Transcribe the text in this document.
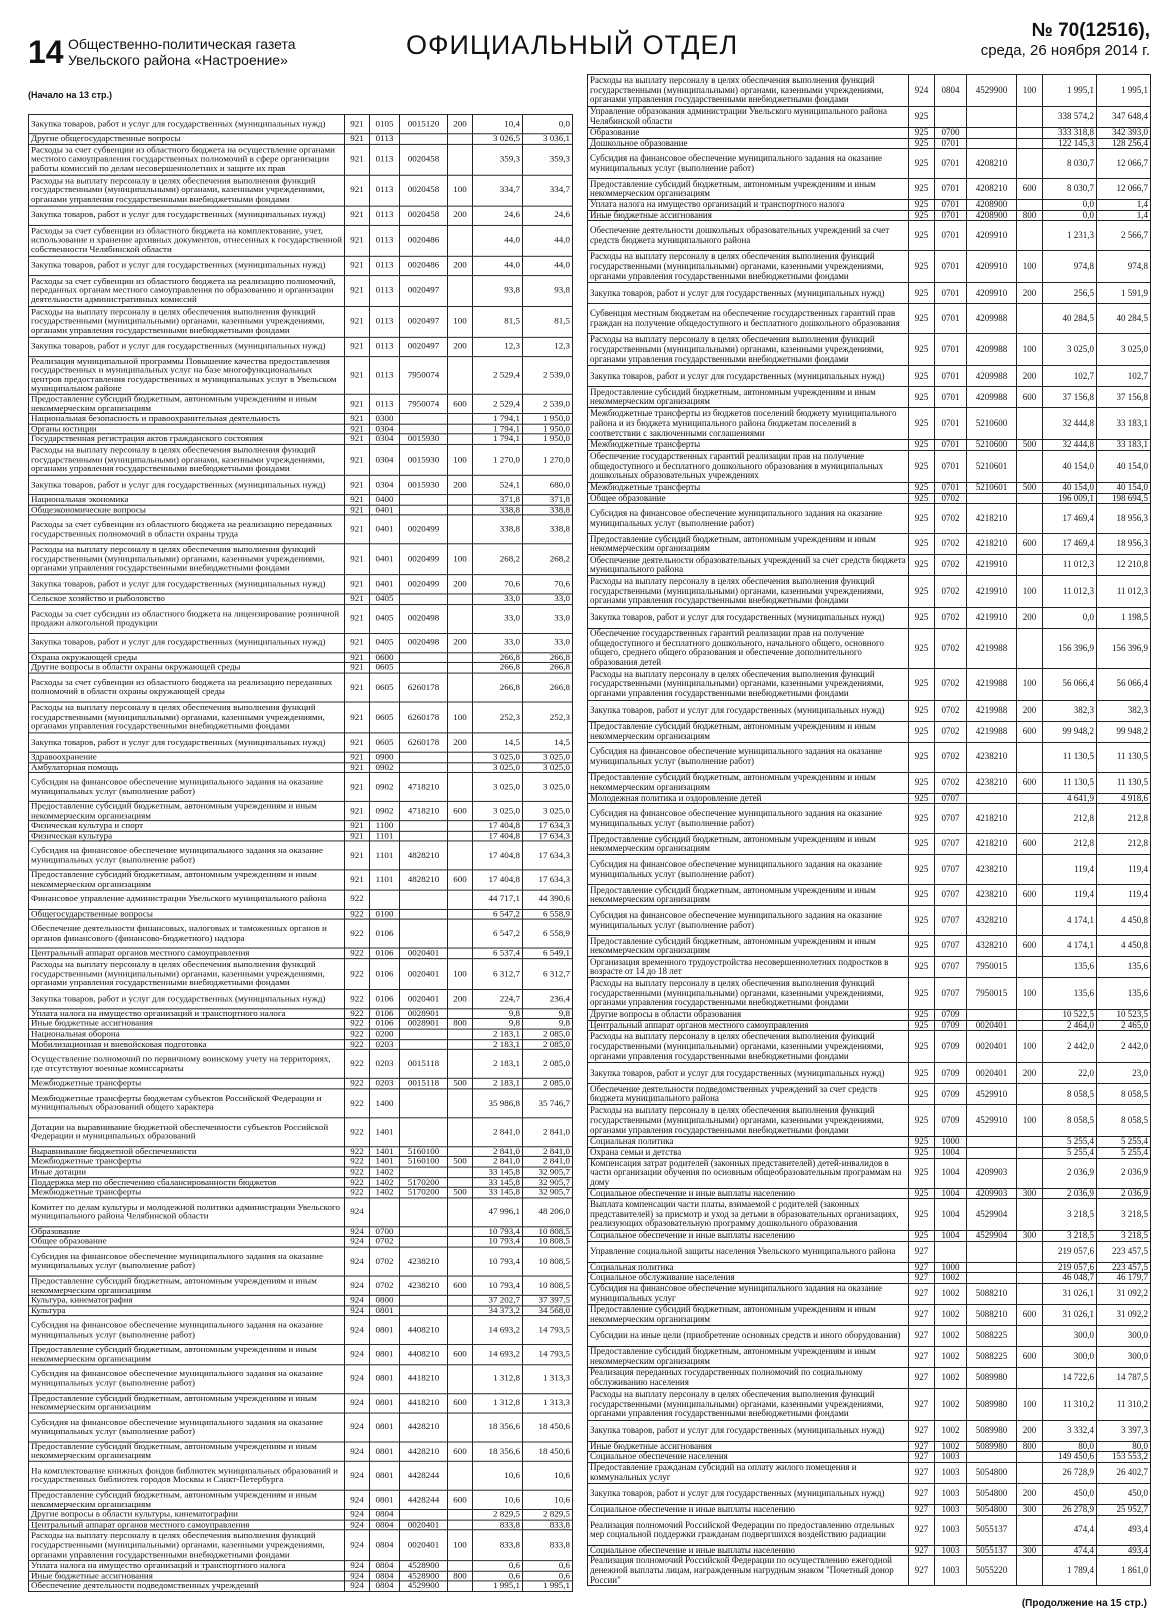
14 Общественно-политическая газета
Увельского района «Настроение»	ОФИЦИАЛЬНЫЙ ОТДЕЛ	№ 70(12516),
среда, 26 ноября 2014 г.
(Начало на 13 стр.)
Закупка товаров, работ и услуг для государственных (муниципальных нужд)	921	0105	0015120	200	10,4	0,0
Другие общегосударственные вопросы	921	0113			3 026,5	3 036,1
Расходы за счет субвенции из областного бюджета на осуществление органами местного самоуправления государственных полномочий в сфере организации работы комиссий по делам несовершеннолетних и защите их прав	921	0113	0020458		359,3	359,3
Расходы на выплату персоналу в целях обеспечения выполнения функций государственными (муниципальными) органами, казенными учреждениями, органами управления государственными внебюджетными фондами	921	0113	0020458	100	334,7	334,7
Закупка товаров, работ и услуг для государственных (муниципальных нужд)	921	0113	0020458	200	24,6	24,6
Расходы за счет субвенции из областного бюджета на комплектование, учет, использование и хранение архивных документов, отнесенных к государственной собственности Челябинской области	921	0113	0020486		44,0	44,0
Закупка товаров, работ и услуг для государственных (муниципальных нужд)	921	0113	0020486	200	44,0	44,0
Расходы за счет субвенции из областного бюджета на реализацию полномочий, переданных органам местного самоуправления по образованию и организации деятельности административных комиссий	921	0113	0020497		93,8	93,8
Расходы на выплату персоналу в целях обеспечения выполнения функций государственными (муниципальными) органами, казенными учреждениями, органами управления государственными внебюджетными фондами	921	0113	0020497	100	81,5	81,5
Закупка товаров, работ и услуг для государственных (муниципальных нужд)	921	0113	0020497	200	12,3	12,3
Реализация муниципальной программы Повышение качества предоставления государственных и муниципальных услуг на базе многофункциональных центров предоставления государственных и муниципальных услуг в Увельском муниципальном районе	921	0113	7950074		2 529,4	2 539,0
Предоставление субсидий бюджетным, автономным учреждениям и иным некоммерческим организациям	921	0113	7950074	600	2 529,4	2 539,0
Национальная безопасность и правоохранительная деятельность	921	0300			1 794,1	1 950,0
Органы юстиции	921	0304			1 794,1	1 950,0
Государственная регистрация актов гражданского состояния	921	0304	0015930		1 794,1	1 950,0
Расходы на выплату персоналу в целях обеспечения выполнения функций государственными (муниципальными) органами, казенными учреждениями, органами управления государственными внебюджетными фондами	921	0304	0015930	100	1 270,0	1 270,0
Закупка товаров, работ и услуг для государственных (муниципальных нужд)	921	0304	0015930	200	524,1	680,0
Национальная экономика	921	0400			371,8	371,8
Общеэкономические вопросы	921	0401			338,8	338,8
Расходы за счет субвенции из областного бюджета на реализацию переданных государственных полномочий в области охраны труда	921	0401	0020499		338,8	338,8
Расходы на выплату персоналу в целях обеспечения выполнения функций государственными (муниципальными) органами, казенными учреждениями, органами управления государственными внебюджетными фондами	921	0401	0020499	100	268,2	268,2
Закупка товаров, работ и услуг для государственных (муниципальных нужд)	921	0401	0020499	200	70,6	70,6
Сельское хозяйство и рыболовство	921	0405			33,0	33,0
Расходы за счет субсидии из областного бюджета на лицензирование розничной продажи алкогольной продукции	921	0405	0020498		33,0	33,0
Закупка товаров, работ и услуг для государственных (муниципальных нужд)	921	0405	0020498	200	33,0	33,0
Охрана окружающей среды	921	0600			266,8	266,8
Другие вопросы в области охраны окружающей среды	921	0605			266,8	266,8
Расходы за счет субвенции из областного бюджета на реализацию переданных полномочий в области охраны окружающей среды	921	0605	6260178		266,8	266,8
Расходы на выплату персоналу в целях обеспечения выполнения функций государственными (муниципальными) органами, казенными учреждениями, органами управления государственными внебюджетными фондами	921	0605	6260178	100	252,3	252,3
Закупка товаров, работ и услуг для государственных (муниципальных нужд)	921	0605	6260178	200	14,5	14,5
Здравоохранение	921	0900			3 025,0	3 025,0
Амбулаторная помощь	921	0902			3 025,0	3 025,0
Субсидия на финансовое обеспечение муниципального задания на оказание муниципальных услуг (выполнение работ)	921	0902	4718210		3 025,0	3 025,0
Предоставление субсидий бюджетным, автономным учреждениям и иным некоммерческим организациям	921	0902	4718210	600	3 025,0	3 025,0
Физическая культура и спорт	921	1100			17 404,8	17 634,3
Физическая культура	921	1101			17 404,8	17 634,3
Субсидия на финансовое обеспечение муниципального задания на оказание муниципальных услуг (выполнение работ)	921	1101	4828210		17 404,8	17 634,3
Предоставление субсидий бюджетным, автономным учреждениям и иным некоммерческим организациям	921	1101	4828210	600	17 404,8	17 634,3
Финансовое управление администрации Увельского муниципального района	922				44 717,1	44 390,6
Общегосударственные вопросы	922	0100			6 547,2	6 558,9
Обеспечение деятельности финансовых, налоговых и таможенных органов и органов финансового (финансово-бюджетного) надзора	922	0106			6 547,2	6 558,9
Центральный аппарат органов местного самоуправления	922	0106	0020401		6 537,4	6 549,1
Расходы на выплату персоналу в целях обеспечения выполнения функций государственными (муниципальными) органами, казенными учреждениями, органами управления государственными внебюджетными фондами	922	0106	0020401	100	6 312,7	6 312,7
Закупка товаров, работ и услуг для государственных (муниципальных нужд)	922	0106	0020401	200	224,7	236,4
Уплата налога на имущество организаций и транспортного налога	922	0106	0028901		9,8	9,8
Иные бюджетные ассигнования	922	0106	0028901	800	9,8	9,8
Национальная оборона	922	0200			2 183,1	2 085,0
Мобилизационная и вневойсковая подготовка	922	0203			2 183,1	2 085,0
Осуществление полномочий по первичному воинскому учету на территориях, где отсутствуют военные комиссариаты	922	0203	0015118		2 183,1	2 085,0
Межбюджетные трансферты	922	0203	0015118	500	2 183,1	2 085,0
Межбюджетные трансферты бюджетам субъектов Российской Федерации и муниципальных образований общего характера	922	1400			35 986,8	35 746,7
Дотации на выравнивание бюджетной обеспеченности субъектов Российской Федерации и муниципальных образований	922	1401			2 841,0	2 841,0
Выравнивание бюджетной обеспеченности	922	1401	5160100		2 841,0	2 841,0
Межбюджетные трансферты	922	1401	5160100	500	2 841,0	2 841,0
Иные дотации	922	1402			33 145,8	32 905,7
Поддержка мер по обеспечению сбалансированности бюджетов	922	1402	5170200		33 145,8	32 905,7
Межбюджетные трансферты	922	1402	5170200	500	33 145,8	32 905,7
Комитет по делам культуры и молодежной политики администрации Увельского муниципального района Челябинской области	924				47 996,1	48 206,0
Образование	924	0700			10 793,4	10 808,5
Общее образование	924	0702			10 793,4	10 808,5
Субсидия на финансовое обеспечение муниципального задания на оказание муниципальных услуг (выполнение работ)	924	0702	4238210		10 793,4	10 808,5
Предоставление субсидий бюджетным, автономным учреждениям и иным некоммерческим организациям	924	0702	4238210	600	10 793,4	10 808,5
Культура, кинематография	924	0800			37 202,7	37 397,5
Культура	924	0801			34 373,2	34 568,0
Субсидия на финансовое обеспечение муниципального задания на оказание муниципальных услуг (выполнение работ)	924	0801	4408210		14 693,2	14 793,5
Предоставление субсидий бюджетным, автономным учреждениям и иным некоммерческим организациям	924	0801	4408210	600	14 693,2	14 793,5
Субсидия на финансовое обеспечение муниципального задания на оказание муниципальных услуг (выполнение работ)	924	0801	4418210		1 312,8	1 313,3
Предоставление субсидий бюджетным, автономным учреждениям и иным некоммерческим организациям	924	0801	4418210	600	1 312,8	1 313,3
Субсидия на финансовое обеспечение муниципального задания на оказание муниципальных услуг (выполнение работ)	924	0801	4428210		18 356,6	18 450,6
Предоставление субсидий бюджетным, автономным учреждениям и иным некоммерческим организациям	924	0801	4428210	600	18 356,6	18 450,6
На комплектование книжных фондов библиотек муниципальных образований и государственных библиотек городов Москвы и Санкт-Петербурга	924	0801	4428244		10,6	10,6
Предоставление субсидий бюджетным, автономным учреждениям и иным некоммерческим организациям	924	0801	4428244	600	10,6	10,6
Другие вопросы в области культуры, кинематографии	924	0804			2 829,5	2 829,5
Центральный аппарат органов местного самоуправления	924	0804	0020401		833,8	833,8
Расходы на выплату персоналу в целях обеспечения выполнения функций государственными (муниципальными) органами, казенными учреждениями, органами управления государственными внебюджетными фондами	924	0804	0020401	100	833,8	833,8
Уплата налога на имущество организаций и транспортного налога	924	0804	4528900		0,6	0,6
Иные бюджетные ассигнования	924	0804	4528900	800	0,6	0,6
Обеспечение деятельности подведомственных учреждений	924	0804	4529900		1 995,1	1 995,1
Расходы на выплату персоналу в целях обеспечения выполнения функций государственными (муниципальными) органами, казенными учреждениями, органами управления государственными внебюджетными фондами	924	0804	4529900	100	1 995,1	1 995,1
Управление образования администрации Увельского муниципального района Челябинской области	925				338 574,2	347 648,4
Образование	925	0700			333 318,8	342 393,0
Дошкольное образование	925	0701			122 145,3	128 256,4
Субсидия на финансовое обеспечение муниципального задания на оказание муниципальных услуг (выполнение работ)	925	0701	4208210		8 030,7	12 066,7
Предоставление субсидий бюджетным, автономным учреждениям и иным некоммерческим организациям	925	0701	4208210	600	8 030,7	12 066,7
Уплата налога на имущество организаций и транспортного налога	925	0701	4208900		0,0	1,4
Иные бюджетные ассигнования	925	0701	4208900	800	0,0	1,4
Обеспечение деятельности дошкольных образовательных учреждений за счет средств бюджета муниципального района	925	0701	4209910		1 231,3	2 566,7
Расходы на выплату персоналу в целях обеспечения выполнения функций государственными (муниципальными) органами, казенными учреждениями, органами управления государственными внебюджетными фондами	925	0701	4209910	100	974,8	974,8
Закупка товаров, работ и услуг для государственных (муниципальных нужд)	925	0701	4209910	200	256,5	1 591,9
Субвенция местным бюджетам на обеспечение государственных гарантий прав граждан на получение общедоступного и бесплатного дошкольного образования	925	0701	4209988		40 284,5	40 284,5
Расходы на выплату персоналу в целях обеспечения выполнения функций государственными (муниципальными) органами, казенными учреждениями, органами управления государственными внебюджетными фондами	925	0701	4209988	100	3 025,0	3 025,0
Закупка товаров, работ и услуг для государственных (муниципальных нужд)	925	0701	4209988	200	102,7	102,7
Предоставление субсидий бюджетным, автономным учреждениям и иным некоммерческим организациям	925	0701	4209988	600	37 156,8	37 156,8
Межбюджетные трансферты из бюджетов поселений бюджету муниципального района и из бюджета муниципального района бюджетам поселений в соответствии с заключенными соглашениями	925	0701	5210600		32 444,8	33 183,1
Межбюджетные трансферты	925	0701	5210600	500	32 444,8	33 183,1
Обеспечение государственных гарантий реализации прав на получение общедоступного и бесплатного дошкольного образования в муниципальных дошкольных образовательных учреждениях	925	0701	5210601		40 154,0	40 154,0
Межбюджетные трансферты	925	0701	5210601	500	40 154,0	40 154,0
Общее образование	925	0702			196 009,1	198 694,5
Субсидия на финансовое обеспечение муниципального задания на оказание муниципальных услуг (выполнение работ)	925	0702	4218210		17 469,4	18 956,3
Предоставление субсидий бюджетным, автономным учреждениям и иным некоммерческим организациям	925	0702	4218210	600	17 469,4	18 956,3
Обеспечение деятельности образовательных учреждений за счет средств бюджета муниципального района	925	0702	4219910		11 012,3	12 210,8
Расходы на выплату персоналу в целях обеспечения выполнения функций государственными (муниципальными) органами, казенными учреждениями, органами управления государственными внебюджетными фондами	925	0702	4219910	100	11 012,3	11 012,3
Закупка товаров, работ и услуг для государственных (муниципальных нужд)	925	0702	4219910	200	0,0	1 198,5
Обеспечение государственных гарантий реализации прав на получение общедоступного и бесплатного дошкольного, начального общего, основного общего, среднего общего образования и обеспечение дополнительного образования детей	925	0702	4219988		156 396,9	156 396,9
Расходы на выплату персоналу в целях обеспечения выполнения функций государственными (муниципальными) органами, казенными учреждениями, органами управления государственными внебюджетными фондами	925	0702	4219988	100	56 066,4	56 066,4
Закупка товаров, работ и услуг для государственных (муниципальных нужд)	925	0702	4219988	200	382,3	382,3
Предоставление субсидий бюджетным, автономным учреждениям и иным некоммерческим организациям	925	0702	4219988	600	99 948,2	99 948,2
Субсидия на финансовое обеспечение муниципального задания на оказание муниципальных услуг (выполнение работ)	925	0702	4238210		11 130,5	11 130,5
Предоставление субсидий бюджетным, автономным учреждениям и иным некоммерческим организациям	925	0702	4238210	600	11 130,5	11 130,5
Молодежная политика и оздоровление детей	925	0707			4 641,9	4 918,6
Субсидия на финансовое обеспечение муниципального задания на оказание муниципальных услуг (выполнение работ)	925	0707	4218210		212,8	212,8
Предоставление субсидий бюджетным, автономным учреждениям и иным некоммерческим организациям	925	0707	4218210	600	212,8	212,8
Субсидия на финансовое обеспечение муниципального задания на оказание муниципальных услуг (выполнение работ)	925	0707	4238210		119,4	119,4
Предоставление субсидий бюджетным, автономным учреждениям и иным некоммерческим организациям	925	0707	4238210	600	119,4	119,4
Субсидия на финансовое обеспечение муниципального задания на оказание муниципальных услуг (выполнение работ)	925	0707	4328210		4 174,1	4 450,8
Предоставление субсидий бюджетным, автономным учреждениям и иным некоммерческим организациям	925	0707	4328210	600	4 174,1	4 450,8
Организация временного трудоустройства несовершеннолетних подростков в возрасте от 14 до 18 лет	925	0707	7950015		135,6	135,6
Расходы на выплату персоналу в целях обеспечения выполнения функций государственными (муниципальными) органами, казенными учреждениями, органами управления государственными внебюджетными фондами	925	0707	7950015	100	135,6	135,6
Другие вопросы в области образования	925	0709			10 522,5	10 523,5
Центральный аппарат органов местного самоуправления	925	0709	0020401		2 464,0	2 465,0
Расходы на выплату персоналу в целях обеспечения выполнения функций государственными (муниципальными) органами, казенными учреждениями, органами управления государственными внебюджетными фондами	925	0709	0020401	100	2 442,0	2 442,0
Закупка товаров, работ и услуг для государственных (муниципальных нужд)	925	0709	0020401	200	22,0	23,0
Обеспечение деятельности подведомственных учреждений за счет средств бюджета муниципального района	925	0709	4529910		8 058,5	8 058,5
Расходы на выплату персоналу в целях обеспечения выполнения функций государственными (муниципальными) органами, казенными учреждениями, органами управления государственными внебюджетными фондами	925	0709	4529910	100	8 058,5	8 058,5
Социальная политика	925	1000			5 255,4	5 255,4
Охрана семьи и детства	925	1004			5 255,4	5 255,4
Компенсация затрат родителей (законных представителей) детей-инвалидов в части организации обучения по основным общеобразовательным программам на дому	925	1004	4209903		2 036,9	2 036,9
Социальное обеспечение и иные выплаты населению	925	1004	4209903	300	2 036,9	2 036,9
Выплата компенсации части платы, взимаемой с родителей (законных представителей) за присмотр и уход за детьми в образовательных организациях, реализующих образовательную программу дошкольного образования	925	1004	4529904		3 218,5	3 218,5
Социальное обеспечение и иные выплаты населению	925	1004	4529904	300	3 218,5	3 218,5
Управление социальной защиты населения Увельского муниципального района	927				219 057,6	223 457,5
Социальная политика	927	1000			219 057,6	223 457,5
Социальное обслуживание населения	927	1002			46 048,7	46 179,7
Субсидия на финансовое обеспечение муниципального задания на оказание муниципальных услуг	927	1002	5088210		31 026,1	31 092,2
Предоставление субсидий бюджетным, автономным учреждениям и иным некоммерческим организациям	927	1002	5088210	600	31 026,1	31 092,2
Субсидии на иные цели (приобретение основных средств и иного оборудования)	927	1002	5088225		300,0	300,0
Предоставление субсидий бюджетным, автономным учреждениям и иным некоммерческим организациям	927	1002	5088225	600	300,0	300,0
Реализация переданных государственных полномочий по социальному обслуживанию населения	927	1002	5089980		14 722,6	14 787,5
Расходы на выплату персоналу в целях обеспечения выполнения функций государственными (муниципальными) органами, казенными учреждениями, органами управления государственными внебюджетными фондами	927	1002	5089980	100	11 310,2	11 310,2
Закупка товаров, работ и услуг для государственных (муниципальных нужд)	927	1002	5089980	200	3 332,4	3 397,3
Иные бюджетные ассигнования	927	1002	5089980	800	80,0	80,0
Социальное обеспечение населения	927	1003			149 450,6	153 553,2
Предоставление гражданам субсидий на оплату жилого помещения и коммунальных услуг	927	1003	5054800		26 728,9	26 402,7
Закупка товаров, работ и услуг для государственных (муниципальных нужд)	927	1003	5054800	200	450,0	450,0
Социальное обеспечение и иные выплаты населению	927	1003	5054800	300	26 278,9	25 952,7
Реализация полномочий Российской Федерации по предоставлению отдельных мер социальной поддержки гражданам подвергшихся воздействию радиации	927	1003	5055137		474,4	493,4
Социальное обеспечение и иные выплаты населению	927	1003	5055137	300	474,4	493,4
Реализация полномочий Российской Федерации по осуществлению ежегодной денежной выплаты лицам, награжденным нагрудным знаком "Почетный донор России"	927	1003	5055220		1 789,4	1 861,0
(Продолжение на 15 стр.)
